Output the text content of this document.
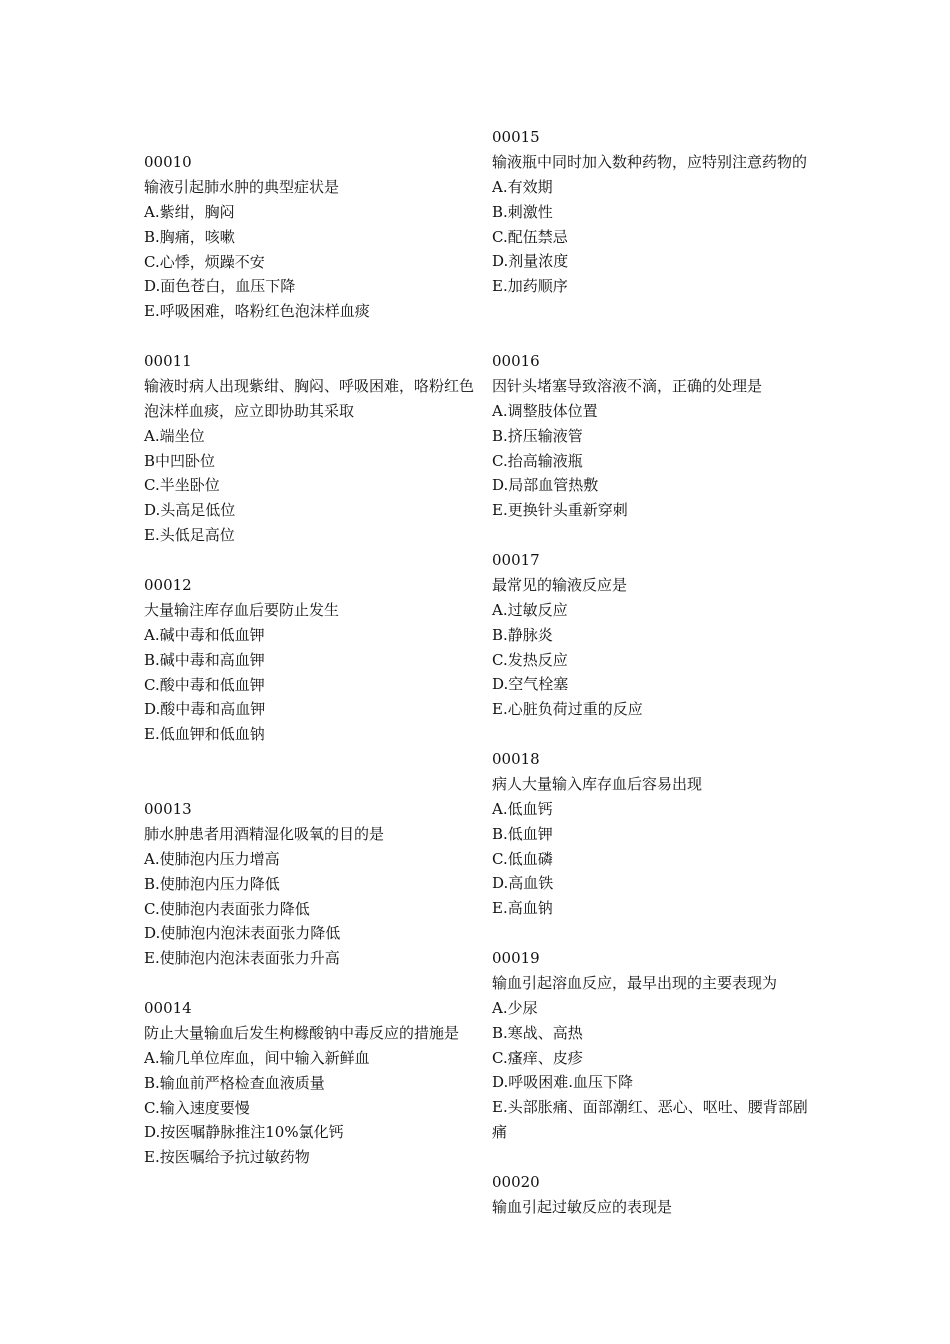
00010
输液引起肺水肿的典型症状是
A.紫绀，胸闷
B.胸痛，咳嗽
C.心悸，烦躁不安
D.面色苍白，血压下降
E.呼吸困难，咯粉红色泡沫样血痰
00011
输液时病人出现紫绀、胸闷、呼吸困难，咯粉红色泡沫样血痰，应立即协助其采取
A.端坐位
B中凹卧位
C.半坐卧位
D.头高足低位
E.头低足高位
00012
大量输注库存血后要防止发生
A.碱中毒和低血钾
B.碱中毒和高血钾
C.酸中毒和低血钾
D.酸中毒和高血钾
E.低血钾和低血钠
00013
肺水肿患者用酒精湿化吸氧的目的是
A.使肺泡内压力增高
B.使肺泡内压力降低
C.使肺泡内表面张力降低
D.使肺泡内泡沫表面张力降低
E.使肺泡内泡沫表面张力升高
00014
防止大量输血后发生枸橼酸钠中毒反应的措施是
A.输几单位库血，间中输入新鲜血
B.输血前严格检查血液质量
C.输入速度要慢
D.按医嘱静脉推注10%氯化钙
E.按医嘱给予抗过敏药物
00015
输液瓶中同时加入数种药物，应特别注意药物的
A.有效期
B.刺激性
C.配伍禁忌
D.剂量浓度
E.加药顺序
00016
因针头堵塞导致溶液不滴，正确的处理是
A.调整肢体位置
B.挤压输液管
C.抬高输液瓶
D.局部血管热敷
E.更换针头重新穿刺
00017
最常见的输液反应是
A.过敏反应
B.静脉炎
C.发热反应
D.空气栓塞
E.心脏负荷过重的反应
00018
病人大量输入库存血后容易出现
A.低血钙
B.低血钾
C.低血磷
D.高血铁
E.高血钠
00019
输血引起溶血反应，最早出现的主要表现为
A.少尿
B.寒战、高热
C.瘙痒、皮疹
D.呼吸困难.血压下降
E.头部胀痛、面部潮红、恶心、呕吐、腰背部剧痛
00020
输血引起过敏反应的表现是
